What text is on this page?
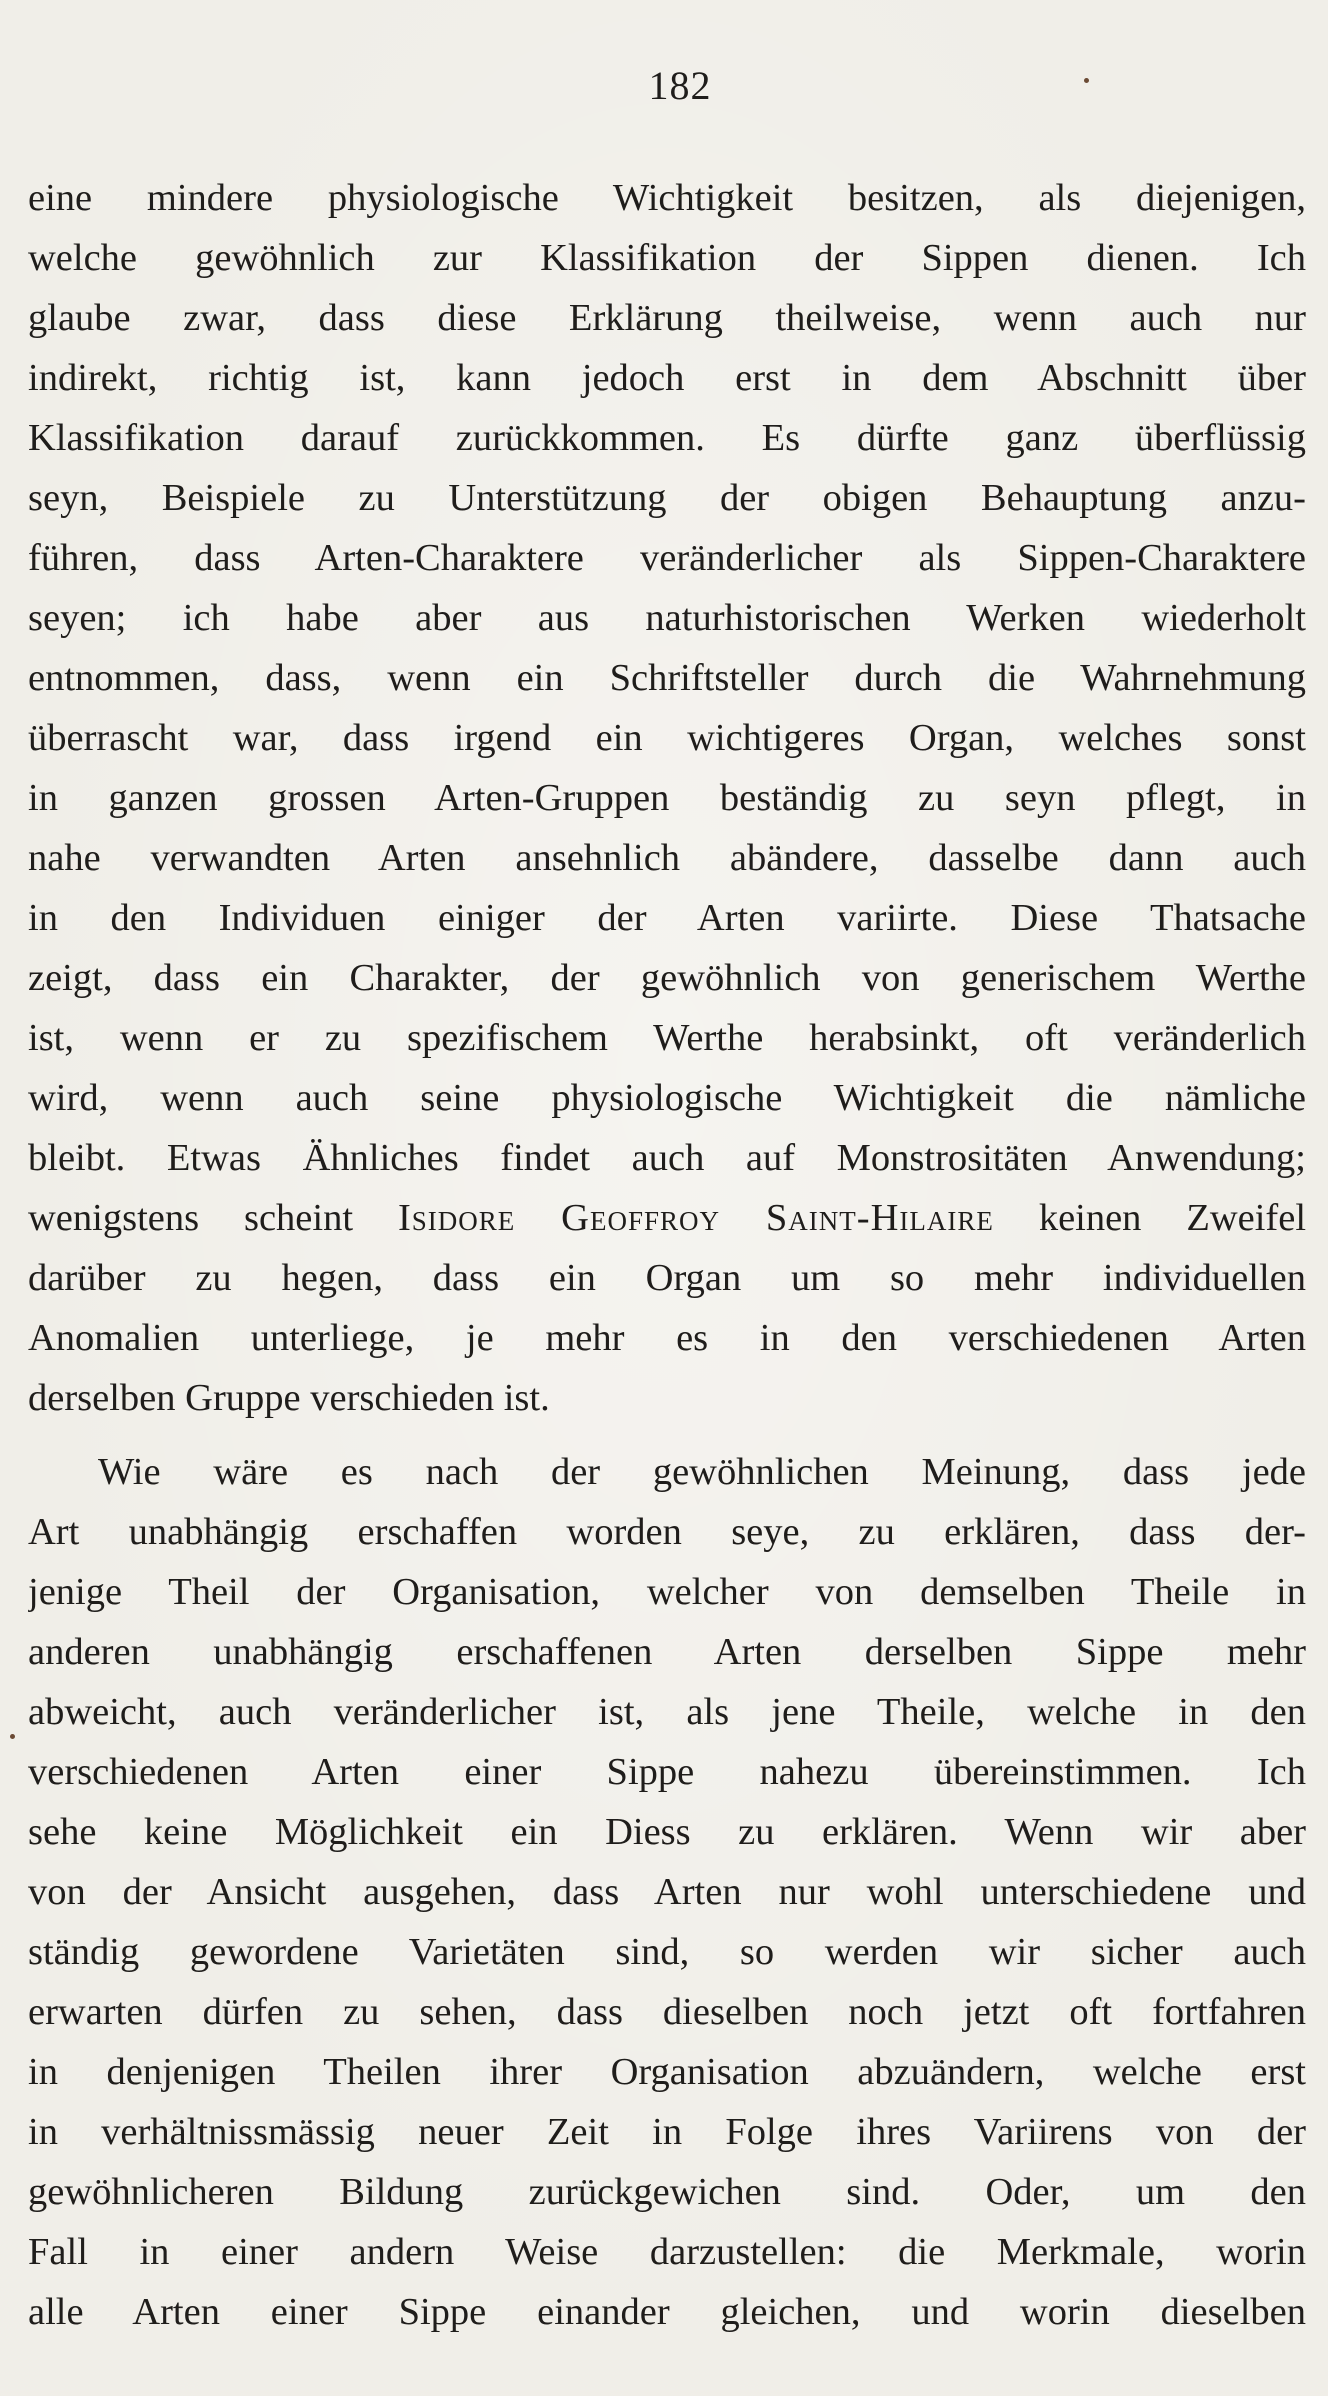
182
eine mindere physiologische Wichtigkeit besitzen, als diejenigen,
welche gewöhnlich zur Klassifikation der Sippen dienen. Ich
glaube zwar, dass diese Erklärung theilweise, wenn auch nur
indirekt, richtig ist, kann jedoch erst in dem Abschnitt über
Klassifikation darauf zurückkommen. Es dürfte ganz überflüssig
seyn, Beispiele zu Unterstützung der obigen Behauptung anzu-
führen, dass Arten-Charaktere veränderlicher als Sippen-Charaktere
seyen; ich habe aber aus naturhistorischen Werken wiederholt
entnommen, dass, wenn ein Schriftsteller durch die Wahrnehmung
überrascht war, dass irgend ein wichtigeres Organ, welches sonst
in ganzen grossen Arten-Gruppen beständig zu seyn pflegt, in
nahe verwandten Arten ansehnlich abändere, dasselbe dann auch
in den Individuen einiger der Arten variirte. Diese Thatsache
zeigt, dass ein Charakter, der gewöhnlich von generischem Werthe
ist, wenn er zu spezifischem Werthe herabsinkt, oft veränderlich
wird, wenn auch seine physiologische Wichtigkeit die nämliche
bleibt. Etwas Ähnliches findet auch auf Monstrositäten Anwendung;
wenigstens scheint Isidore Geoffroy Saint-Hilaire keinen Zweifel
darüber zu hegen, dass ein Organ um so mehr individuellen
Anomalien unterliege, je mehr es in den verschiedenen Arten
derselben Gruppe verschieden ist.
Wie wäre es nach der gewöhnlichen Meinung, dass jede
Art unabhängig erschaffen worden seye, zu erklären, dass der-
jenige Theil der Organisation, welcher von demselben Theile in
anderen unabhängig erschaffenen Arten derselben Sippe mehr
abweicht, auch veränderlicher ist, als jene Theile, welche in den
verschiedenen Arten einer Sippe nahezu übereinstimmen. Ich
sehe keine Möglichkeit ein Diess zu erklären. Wenn wir aber
von der Ansicht ausgehen, dass Arten nur wohl unterschiedene und
ständig gewordene Varietäten sind, so werden wir sicher auch
erwarten dürfen zu sehen, dass dieselben noch jetzt oft fortfahren
in denjenigen Theilen ihrer Organisation abzuändern, welche erst
in verhältnissmässig neuer Zeit in Folge ihres Variirens von der
gewöhnlicheren Bildung zurückgewichen sind. Oder, um den
Fall in einer andern Weise darzustellen: die Merkmale, worin
alle Arten einer Sippe einander gleichen, und worin dieselben
